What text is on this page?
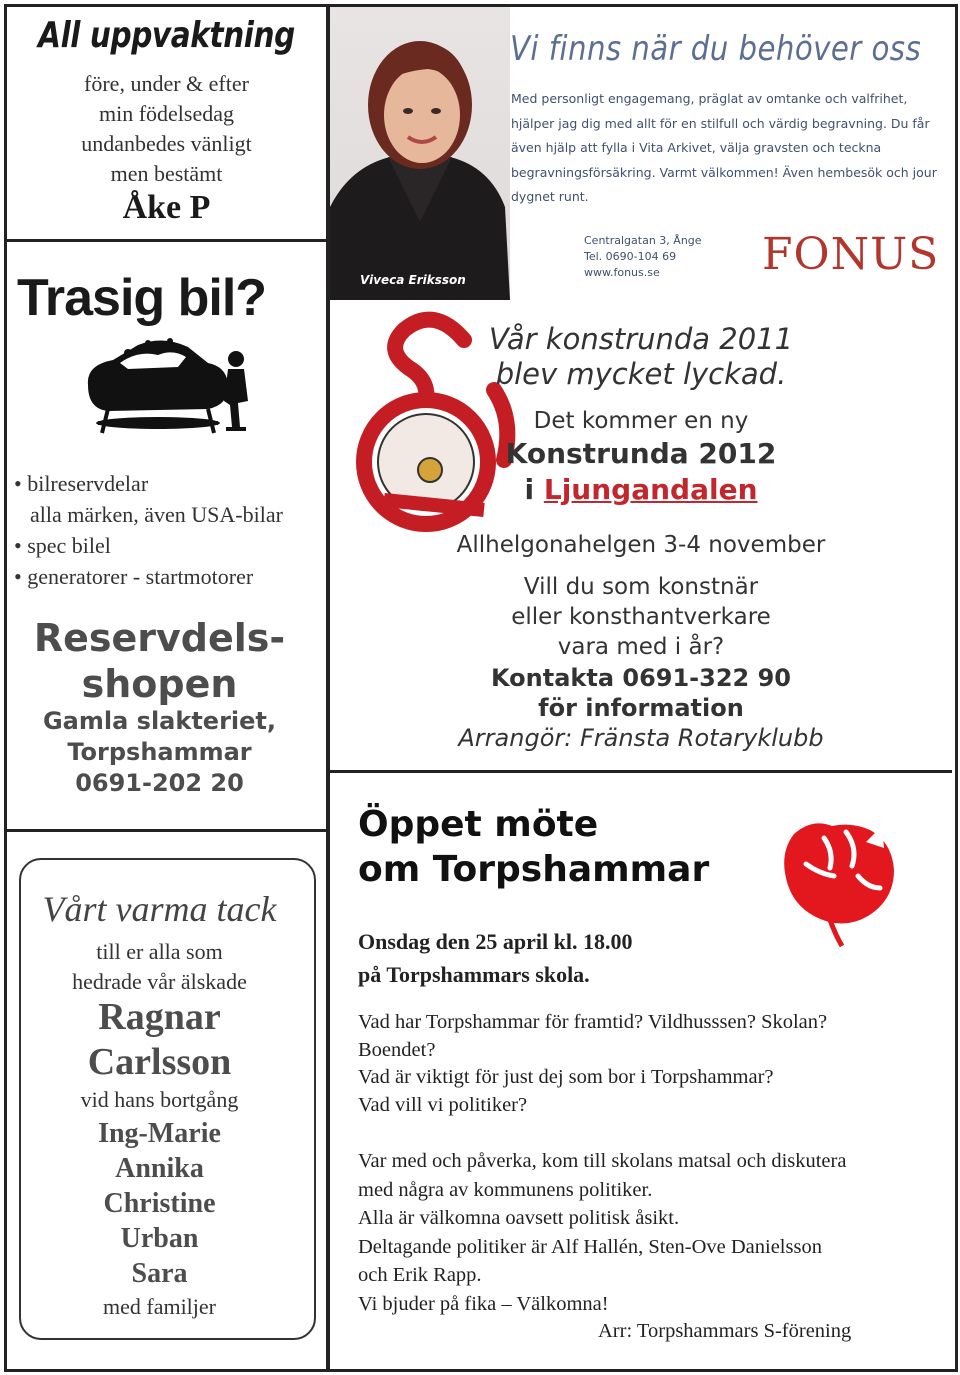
All uppvaktning
före, under & efter
min födelsedag
undanbedes vänligt
men bestämt
Åke P
Trasig bil?
• bilreservdelar
alla märken, även USA-bilar
• spec bilel
• generatorer - startmotorer
Reservdels-
shopen
Gamla slakteriet,
Torpshammar
0691-202 20
Vårt varma tack
till er alla som
hedrade vår älskade
Ragnar
Carlsson
vid hans bortgång
Ing-Marie
Annika
Christine
Urban
Sara
med familjer
Vi finns när du behöver oss
Med personligt engagemang, präglat av omtanke och valfrihet, hjälper jag dig med allt för en stilfull och värdig begravning. Du får även hjälp att fylla i Vita Arkivet, välja gravsten och teckna begravningsförsäkring. Varmt välkommen! Även hembesök och jour dygnet runt.
Centralgatan 3, Ånge
Tel. 0690-104 69
www.fonus.se	FONUS
Viveca Eriksson
Vår konstrunda 2011
blev mycket lyckad.
Det kommer en ny
Konstrunda 2012
i Ljungandalen
Allhelgonahelgen 3-4 november
Vill du som konstnär
eller konsthantverkare
vara med i år?
Kontakta 0691-322 90
för information
Arrangör: Fränsta Rotaryklubb
Öppet möte
om Torpshammar
Onsdag den 25 april kl. 18.00
på Torpshammars skola.
Vad har Torpshammar för framtid? Vildhusssen? Skolan?
Boendet?
Vad är viktigt för just dej som bor i Torpshammar?
Vad vill vi politiker?
Var med och påverka, kom till skolans matsal och diskutera
med några av kommunens politiker.
Alla är välkomna oavsett politisk åsikt.
Deltagande politiker är Alf Hallén, Sten-Ove Danielsson
och Erik Rapp.
Vi bjuder på fika – Välkomna!
Arr: Torpshammars S-förening
